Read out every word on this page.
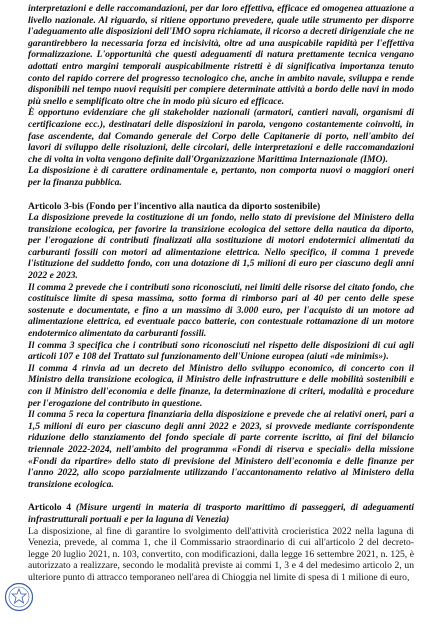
interpretazioni e delle raccomandazioni, per dar loro effettiva, efficace ed omogenea attuazione a livello nazionale. Al riguardo, si ritiene opportuno prevedere, quale utile strumento per disporre l'adeguamento alle disposizioni dell'IMO sopra richiamate, il ricorso a decreti dirigenziale che ne garantirebbero la necessaria forza ed incisività, oltre ad una auspicabile rapidità per l'effettiva formalizzazione. L'opportunità che questi adeguamenti di natura prettamente tecnica vengano adottati entro margini temporali auspicabilmente ristretti è di significativa importanza tenuto conto del rapido correre del progresso tecnologico che, anche in ambito navale, sviluppa e rende disponibili nel tempo nuovi requisiti per compiere determinate attività a bordo delle navi in modo più snello e semplificato oltre che in modo più sicuro ed efficace.

È opportuno evidenziare che gli stakeholder nazionali (armatori, cantieri navali, organismi di certificazione ecc.), destinatari delle disposizioni in parola, vengono costantemente coinvolti, in fase ascendente, dal Comando generale del Corpo delle Capitanerie di porto, nell'ambito dei lavori di sviluppo delle risoluzioni, delle circolari, delle interpretazioni e delle raccomandazioni che di volta in volta vengono definite dall'Organizzazione Marittima Internazionale (IMO).

La disposizione è di carattere ordinamentale e, pertanto, non comporta nuovi o maggiori oneri per la finanza pubblica.

Articolo 3-bis (Fondo per l'incentivo alla nautica da diporto sostenibile)

La disposizione prevede la costituzione di un fondo, nello stato di previsione del Ministero della transizione ecologica, per favorire la transizione ecologica del settore della nautica da diporto, per l'erogazione di contributi finalizzati alla sostituzione di motori endotermici alimentati da carburanti fossili con motori ad alimentazione elettrica. Nello specifico, il comma 1 prevede l'istituzione del suddetto fondo, con una dotazione di 1,5 milioni di euro per ciascuno degli anni 2022 e 2023.

Il comma 2 prevede che i contributi sono riconosciuti, nei limiti delle risorse del citato fondo, che costituisce limite di spesa massima, sotto forma di rimborso pari al 40 per cento delle spese sostenute e documentate, e fino a un massimo di 3.000 euro, per l'acquisto di un motore ad alimentazione elettrica, ed eventuale pacco batterie, con contestuale rottamazione di un motore endotermico alimentato da carburanti fossili.

Il comma 3 specifica che i contributi sono riconosciuti nel rispetto delle disposizioni di cui agli articoli 107 e 108 del Trattato sul funzionamento dell'Unione europea (aiuti «de minimis»).

Il comma 4 rinvia ad un decreto del Ministro dello sviluppo economico, di concerto con il Ministro della transizione ecologica, il Ministro delle infrastrutture e delle mobilità sostenibili e con il Ministro dell'economia e delle finanze, la determinazione di criteri, modalità e procedure per l'erogazione del contributo in questione.

Il comma 5 reca la copertura finanziaria della disposizione e prevede che ai relativi oneri, pari a 1,5 milioni di euro per ciascuno degli anni 2022 e 2023, si provvede mediante corrispondente riduzione dello stanziamento del fondo speciale di parte corrente iscritto, ai fini del bilancio triennale 2022-2024, nell'ambito del programma «Fondi di riserva e speciali» della missione «Fondi da ripartire» dello stato di previsione del Ministero dell'economia e delle finanze per l'anno 2022, allo scopo parzialmente utilizzando l'accantonamento relativo al Ministero della transizione ecologica.

Articolo 4 (Misure urgenti in materia di trasporto marittimo di passeggeri, di adeguamenti infrastrutturali portuali e per la laguna di Venezia)

La disposizione, al fine di garantire lo svolgimento dell'attività crocieristica 2022 nella laguna di Venezia, prevede, al comma 1, che il Commissario straordinario di cui all'articolo 2 del decreto-legge 20 luglio 2021, n. 103, convertito, con modificazioni, dalla legge 16 settembre 2021, n. 125, è autorizzato a realizzare, secondo le modalità previste ai commi 1, 3 e 4 del medesimo articolo 2, un ulteriore punto di attracco temporaneo nell'area di Chioggia nel limite di spesa di 1 milione di euro,
